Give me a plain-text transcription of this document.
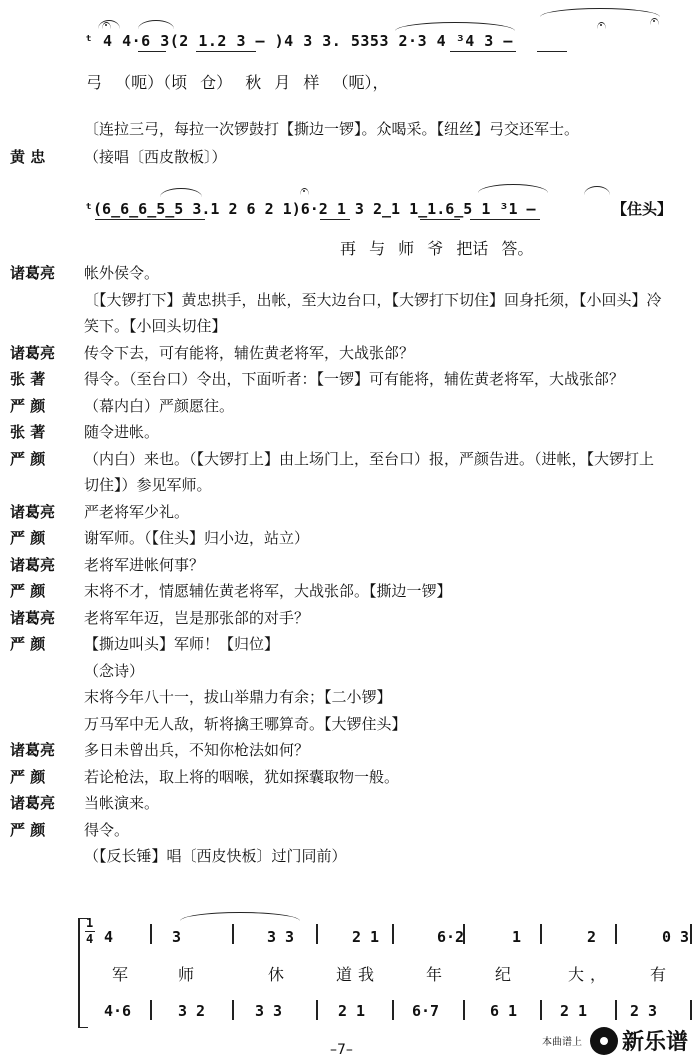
ᵗ 4 4·6 3(2 1.2 3 – )4 3 3. 5353 2·3 4 ³4 3 –
弓 （呃）（顷 仓） 秋 月 样 （呃），
〔连拉三弓，每拉一次锣鼓打【撕边一锣】。众喝采。【纽丝】弓交还军士。
黄 忠	（接唱〔西皮散板〕）
ᵗ(6̲6̲6̲5̲5 3.1 2 6 2 1)6·2 1 3 2̲1 1̲1.6̲5 1 ³1 –	【住头】
再 与 师 爷 把话 答。
诸葛亮	帐外侯令。
〔【大锣打下】黄忠拱手，出帐，至大边台口，【大锣打下切住】回身托须，【小回头】冷
笑下。【小回头切住】
诸葛亮	传令下去，可有能将，辅佐黄老将军，大战张郃？
张 著	得令。（至台口）令出，下面听者：【一锣】可有能将，辅佐黄老将军，大战张郃？
严 颜	（幕内白）严颜愿往。
张 著	随令进帐。
严 颜	（内白）来也。（【大锣打上】由上场门上，至台口）报，严颜告进。（进帐，【大锣打上
切住】）参见军师。
诸葛亮	严老将军少礼。
严 颜	谢军师。（【住头】归小边，站立）
诸葛亮	老将军进帐何事？
严 颜	末将不才，情愿辅佐黄老将军，大战张郃。【撕边一锣】
诸葛亮	老将军年迈，岂是那张郃的对手？
严 颜	【撕边叫头】军师！【归位】
（念诗）
末将今年八十一，拔山举鼎力有余；【二小锣】
万马军中无人敌，斩将擒王哪算奇。【大锣住头】
诸葛亮	多日未曾出兵，不知你枪法如何？
严 颜	若论枪法，取上将的咽喉，犹如探囊取物一般。
诸葛亮	当帐演来。
严 颜	得令。
（【反长锤】唱〔西皮快板〕过门同前）
1
4 4	3	3 3	2 1	6·2	1	2	0 3
军	师	休	道我	年	纪	大， 有
4·6	3 2	3 3	2 1	6·7	6 1	2 1	2 3
–7–	本曲谱上 新乐谱
